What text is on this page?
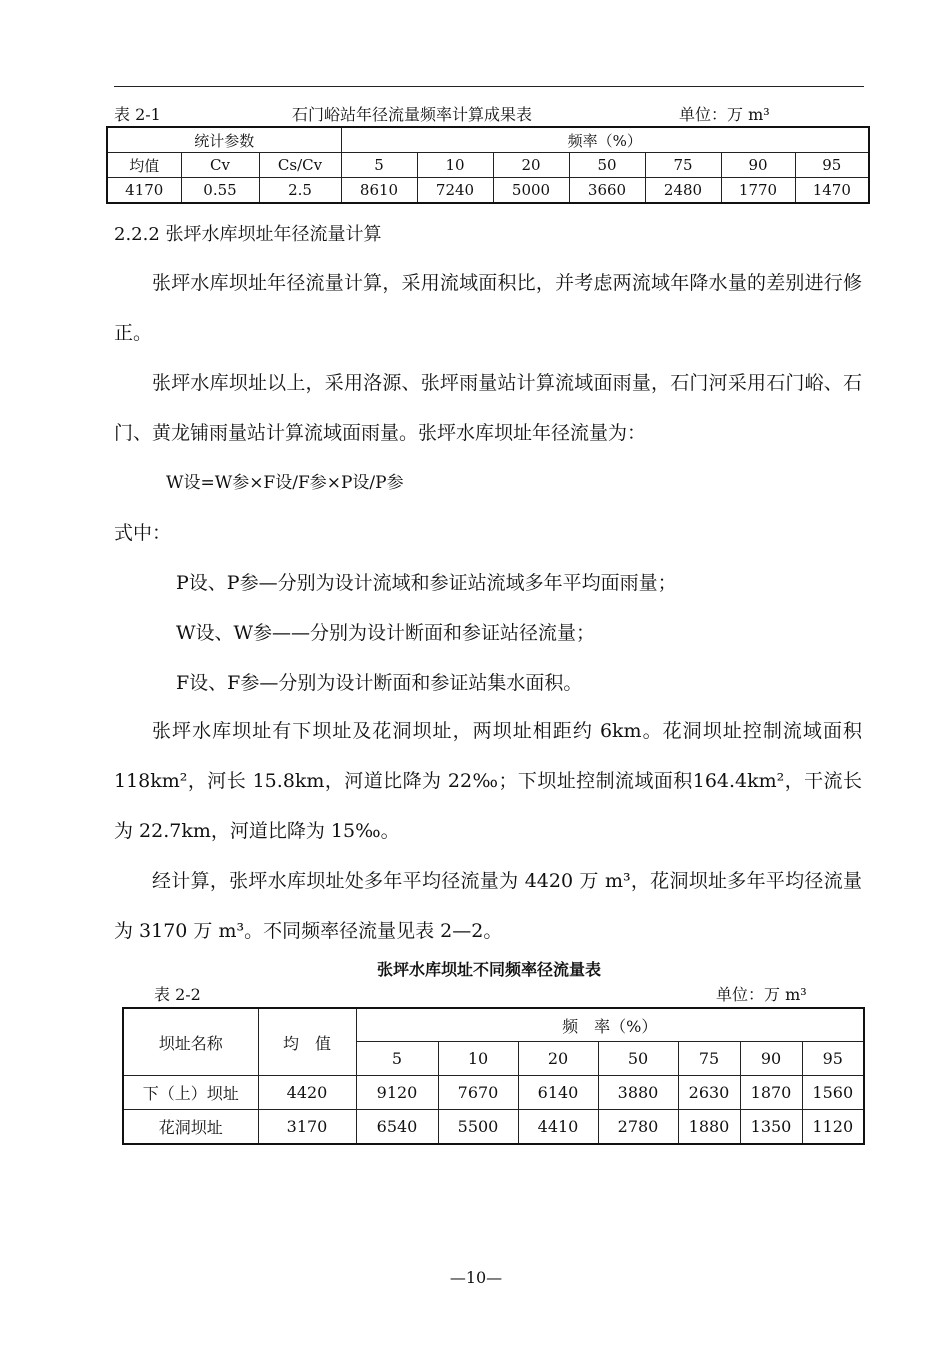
表 2-1	石门峪站年径流量频率计算成果表	单位：万 m³
统计参数			频率（%）						
均值	Cv	Cs/Cv	5	10	20	50	75	90	95
4170	0.55	2.5	8610	7240	5000	3660	2480	1770	1470
2.2.2 张坪水库坝址年径流量计算

张坪水库坝址年径流量计算，采用流域面积比，并考虑两流域年降水量的差别进行修正。

张坪水库坝址以上，采用洛源、张坪雨量站计算流域面雨量，石门河采用石门峪、石门、黄龙铺雨量站计算流域面雨量。张坪水库坝址年径流量为：

W设=W参×F设/F参×P设/P参
式中：
P设、P参—分别为设计流域和参证站流域多年平均面雨量；
W设、W参——分别为设计断面和参证站径流量；
F设、F参—分别为设计断面和参证站集水面积。

张坪水库坝址有下坝址及花洞坝址，两坝址相距约 6km。花洞坝址控制流域面积 118km²，河长 15.8km，河道比降为 22‰；下坝址控制流域面积164.4km²，干流长为 22.7km，河道比降为 15‰。

经计算，张坪水库坝址处多年平均径流量为 4420 万 m³，花洞坝址多年平均径流量为 3170 万 m³。不同频率径流量见表 2—2。

张坪水库坝址不同频率径流量表
表 2-2	单位：万 m³
坝址名称	均　值	频　率（%）						
		5	10	20	50	75	90	95
下（上）坝址	4420	9120	7670	6140	3880	2630	1870	1560
花洞坝址	3170	6540	5500	4410	2780	1880	1350	1120
—10—
